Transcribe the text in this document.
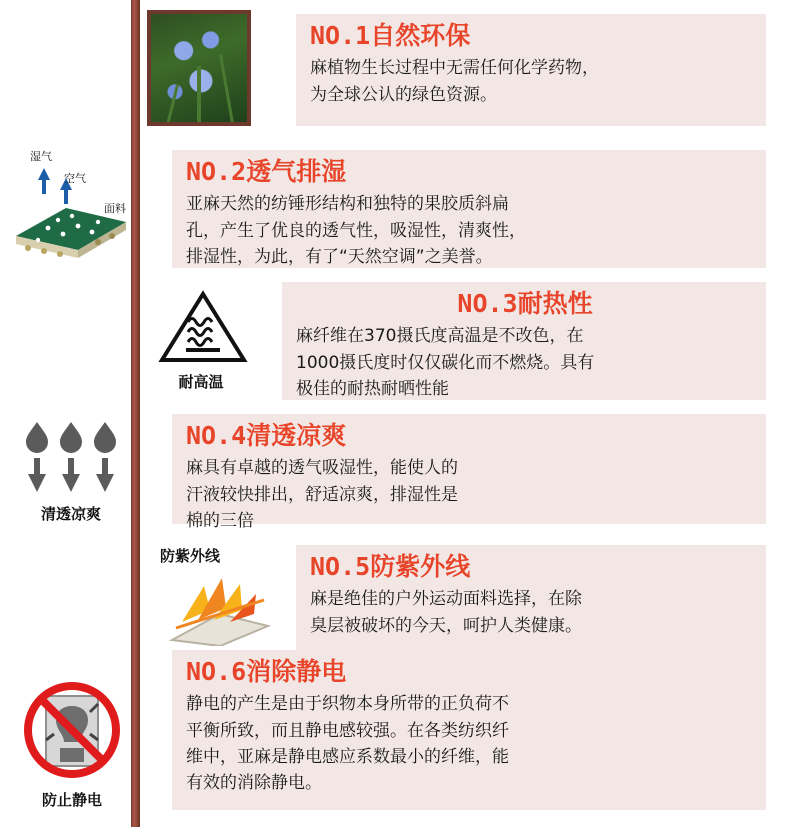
NO.1自然环保
麻植物生长过程中无需任何化学药物，
为全球公认的绿色资源。
湿气
空气
面料
NO.2透气排湿
亚麻天然的纺锤形结构和独特的果胶质斜扁
孔，产生了优良的透气性，吸湿性，清爽性，
排湿性，为此，有了“天然空调”之美誉。
耐高温
NO.3耐热性
麻纤维在370摄氏度高温是不改色，在
1000摄氏度时仅仅碳化而不燃烧。具有
极佳的耐热耐晒性能
清透凉爽
NO.4清透凉爽
麻具有卓越的透气吸湿性，能使人的
汗液较快排出，舒适凉爽，排湿性是
棉的三倍
防紫外线	NO.5防紫外线
麻是绝佳的户外运动面料选择，在除
臭层被破坏的今天，呵护人类健康。
防止静电
NO.6消除静电
静电的产生是由于织物本身所带的正负荷不
平衡所致，而且静电感较强。在各类纺织纤
维中，亚麻是静电感应系数最小的纤维，能
有效的消除静电。
